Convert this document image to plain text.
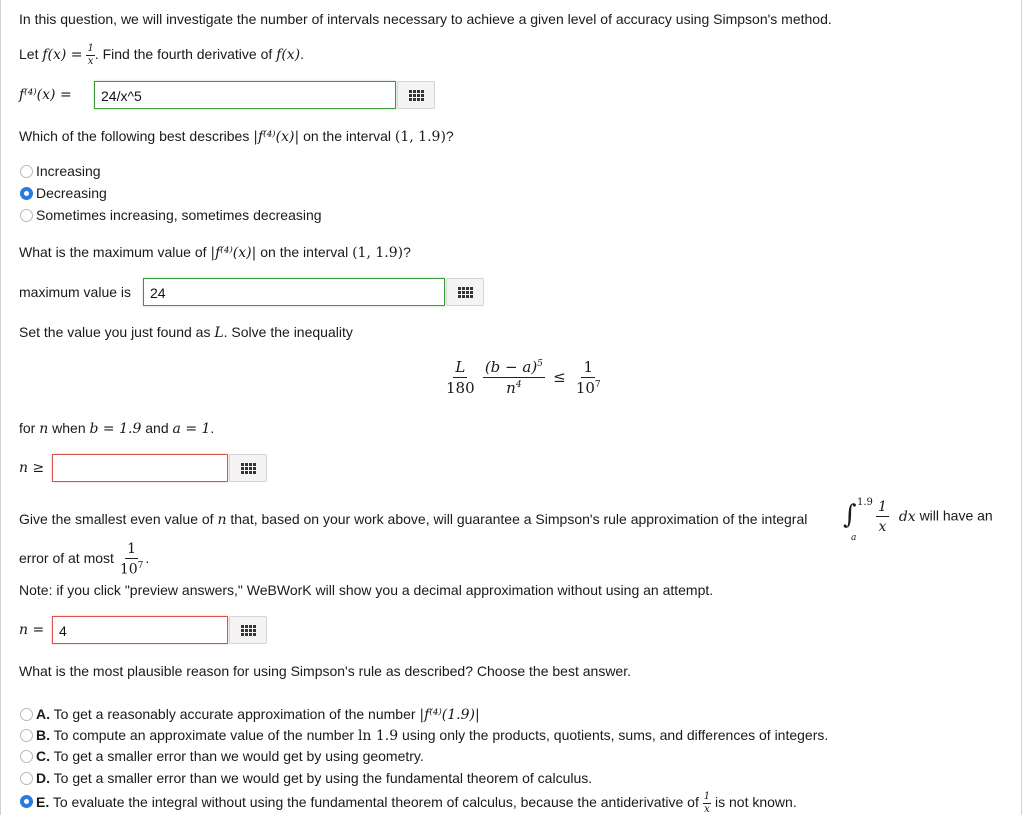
In this question, we will investigate the number of intervals necessary to achieve a given level of accuracy using Simpson's method.
Let $f(x) = \frac{1}{x}$ . Find the fourth derivative of f(x).
f⁽⁴⁾(x) =	24/x^5
Which of the following best describes |f⁽⁴⁾(x)| on the interval (1, 1.9)?
Increasing
Decreasing
Sometimes increasing, sometimes decreasing
What is the maximum value of |f⁽⁴⁾(x)| on the interval (1, 1.9)?
maximum value is	24
Set the value you just found as L. Solve the inequality
$\frac{L}{180}$
$\frac{(b - a)^5}{n^4} \le \frac{1}{10^7}$
for n when b = 1.9 and a = 1.
n ≥
Give the smallest even value of n that, based on your work above, will guarantee a Simpson's rule approximation of the integral ∫ 1.9
a
$\frac{1}{x}$ dx will have an
error of at most $\frac{1}{10^7}$ .
Note: if you click "preview answers," WeBWorK will show you a decimal approximation without using an attempt.
n =	4
What is the most plausible reason for using Simpson's rule as described? Choose the best answer.
A. To get a reasonably accurate approximation of the number |f⁽⁴⁾(1.9)|
B. To compute an approximate value of the number ln 1.9 using only the products, quotients, sums, and differences of integers.
C. To get a smaller error than we would get by using geometry.
D. To get a smaller error than we would get by using the fundamental theorem of calculus.
E. To evaluate the integral without using the fundamental theorem of calculus, because the antiderivative of $\frac{1}{x}$ is not known.
